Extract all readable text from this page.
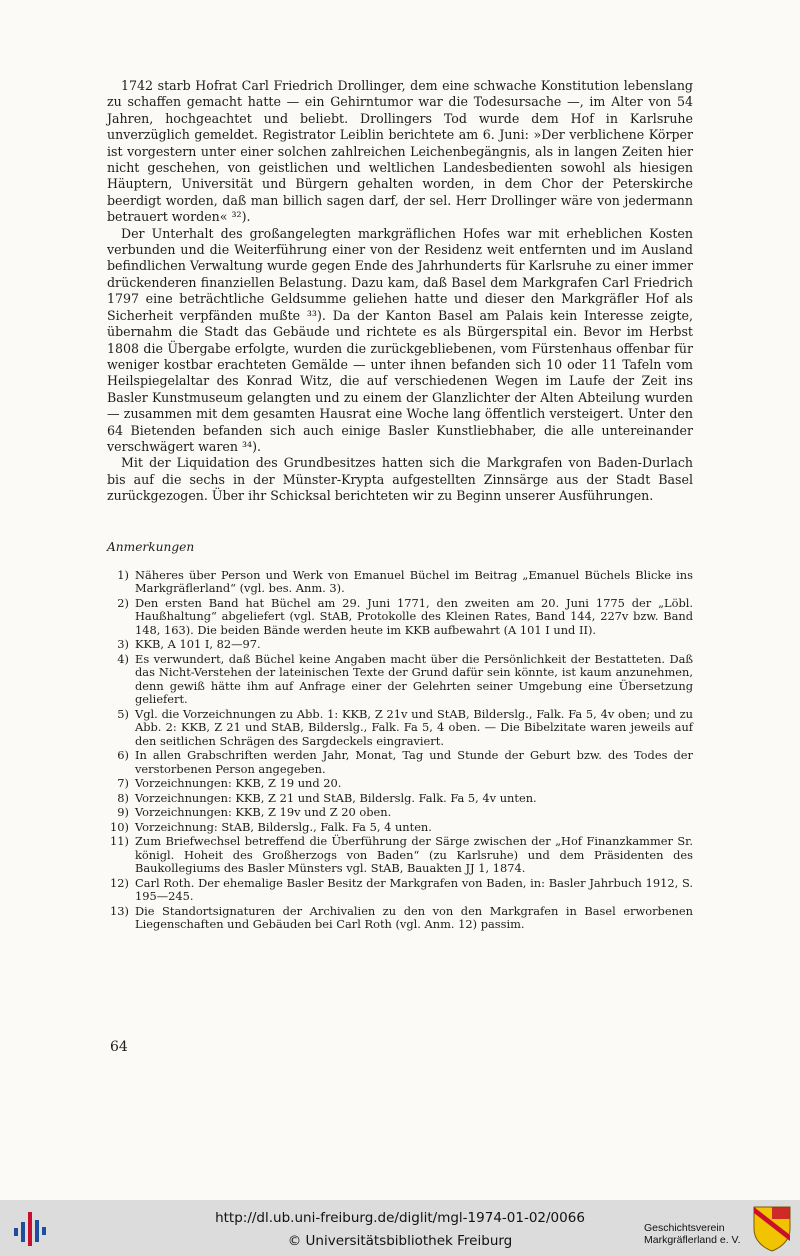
1742 starb Hofrat Carl Friedrich Drollinger, dem eine schwache Konstitution lebenslang zu schaffen gemacht hatte — ein Gehirntumor war die Todesursache —, im Alter von 54 Jahren, hochgeachtet und beliebt. Drollingers Tod wurde dem Hof in Karlsruhe unverzüglich gemeldet. Registrator Leiblin berichtete am 6. Juni: »Der verblichene Körper ist vorgestern unter einer solchen zahlreichen Leichenbegängnis, als in langen Zeiten hier nicht geschehen, von geistlichen und weltlichen Landesbedienten sowohl als hiesigen Häuptern, Universität und Bürgern gehalten worden, in dem Chor der Peterskirche beerdigt worden, daß man billich sagen darf, der sel. Herr Drollinger wäre von jedermann betrauert worden« ³²).

Der Unterhalt des großangelegten markgräflichen Hofes war mit erheblichen Kosten verbunden und die Weiterführung einer von der Residenz weit entfernten und im Ausland befindlichen Verwaltung wurde gegen Ende des Jahrhunderts für Karlsruhe zu einer immer drückenderen finanziellen Belastung. Dazu kam, daß Basel dem Markgrafen Carl Friedrich 1797 eine beträchtliche Geldsumme geliehen hatte und dieser den Markgräfler Hof als Sicherheit verpfänden mußte ³³). Da der Kanton Basel am Palais kein Interesse zeigte, übernahm die Stadt das Gebäude und richtete es als Bürgerspital ein. Bevor im Herbst 1808 die Übergabe erfolgte, wurden die zurückgebliebenen, vom Fürstenhaus offenbar für weniger kostbar erachteten Gemälde — unter ihnen befanden sich 10 oder 11 Tafeln vom Heilspiegelaltar des Konrad Witz, die auf verschiedenen Wegen im Laufe der Zeit ins Basler Kunstmuseum gelangten und zu einem der Glanzlichter der Alten Abteilung wurden — zusammen mit dem gesamten Hausrat eine Woche lang öffentlich versteigert. Unter den 64 Bietenden befanden sich auch einige Basler Kunstliebhaber, die alle untereinander verschwägert waren ³⁴).

Mit der Liquidation des Grundbesitzes hatten sich die Markgrafen von Baden-Durlach bis auf die sechs in der Münster-Krypta aufgestellten Zinnsärge aus der Stadt Basel zurückgezogen. Über ihr Schicksal berichteten wir zu Beginn unserer Ausführungen.

Anmerkungen
1) Näheres über Person und Werk von Emanuel Büchel im Beitrag „Emanuel Büchels Blicke ins Markgräflerland“ (vgl. bes. Anm. 3).
2) Den ersten Band hat Büchel am 29. Juni 1771, den zweiten am 20. Juni 1775 der „Löbl. Haußhaltung“ abgeliefert (vgl. StAB, Protokolle des Kleinen Rates, Band 144, 227v bzw. Band 148, 163). Die beiden Bände werden heute im KKB aufbewahrt (A 101 I und II).
3) KKB, A 101 I, 82—97.
4) Es verwundert, daß Büchel keine Angaben macht über die Persönlichkeit der Bestatteten. Daß das Nicht-Verstehen der lateinischen Texte der Grund dafür sein könnte, ist kaum anzunehmen, denn gewiß hätte ihm auf Anfrage einer der Gelehrten seiner Umgebung eine Übersetzung geliefert.
5) Vgl. die Vorzeichnungen zu Abb. 1: KKB, Z 21v und StAB, Bilderslg., Falk. Fa 5, 4v oben; und zu Abb. 2: KKB, Z 21 und StAB, Bilderslg., Falk. Fa 5, 4 oben. — Die Bibelzitate waren jeweils auf den seitlichen Schrägen des Sargdeckels eingraviert.
6) In allen Grabschriften werden Jahr, Monat, Tag und Stunde der Geburt bzw. des Todes der verstorbenen Person angegeben.
7) Vorzeichnungen: KKB, Z 19 und 20.
8) Vorzeichnungen: KKB, Z 21 und StAB, Bilderslg. Falk. Fa 5, 4v unten.
9) Vorzeichnungen: KKB, Z 19v und Z 20 oben.
10) Vorzeichnung: StAB, Bilderslg., Falk. Fa 5, 4 unten.
11) Zum Briefwechsel betreffend die Überführung der Särge zwischen der „Hof Finanzkammer Sr. königl. Hoheit des Großherzogs von Baden“ (zu Karlsruhe) und dem Präsidenten des Baukollegiums des Basler Münsters vgl. StAB, Bauakten JJ 1, 1874.
12) Carl Roth. Der ehemalige Basler Besitz der Markgrafen von Baden, in: Basler Jahrbuch 1912, S. 195—245.
13) Die Standortsignaturen der Archivalien zu den von den Markgrafen in Basel erworbenen Liegenschaften und Gebäuden bei Carl Roth (vgl. Anm. 12) passim.
64
http://dl.ub.uni-freiburg.de/diglit/mgl-1974-01-02/0066
© Universitätsbibliothek Freiburg
Geschichtsverein
Markgräflerland e. V.
